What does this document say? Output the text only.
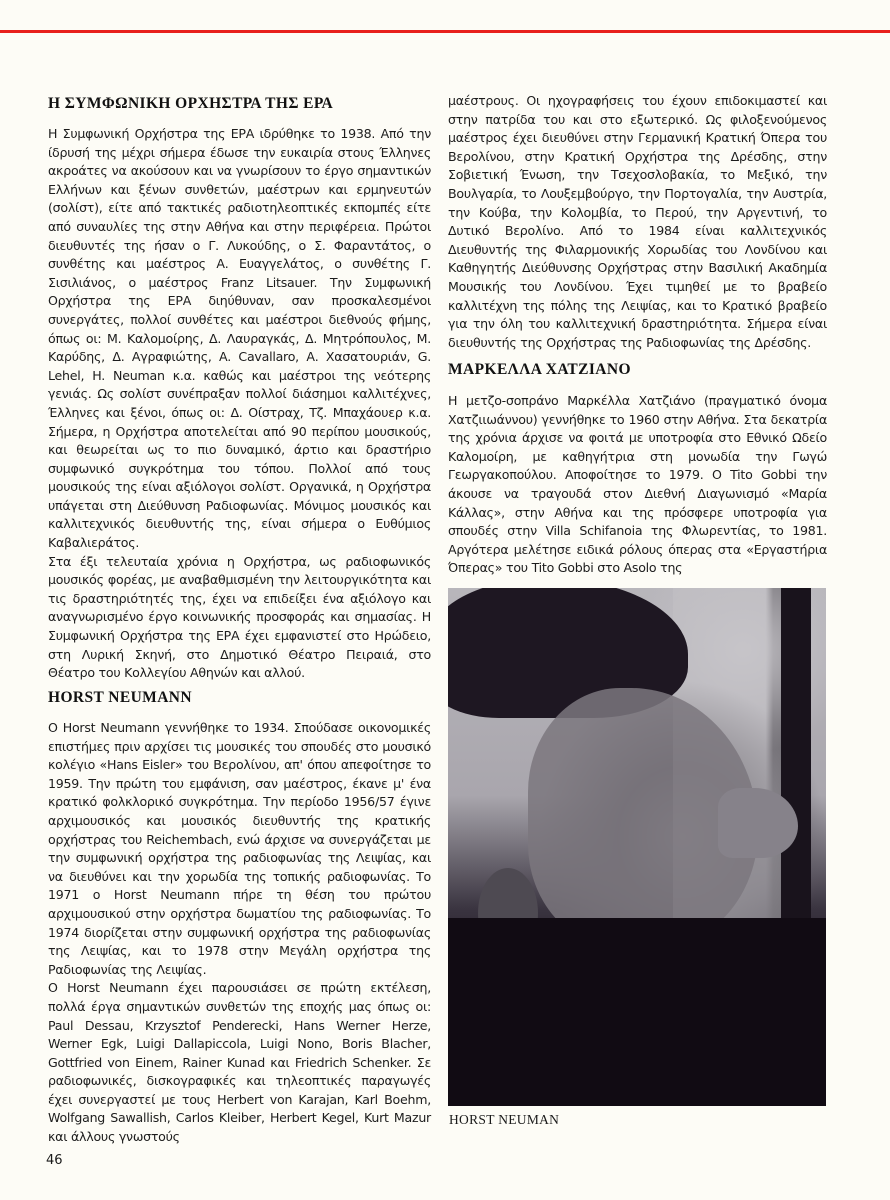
Η ΣΥΜΦΩΝΙΚΗ ΟΡΧΗΣΤΡΑ ΤΗΣ ΕΡΑ

Η Συμφωνική Ορχήστρα της ΕΡΑ ιδρύθηκε το 1938. Από την ίδρυσή της μέχρι σήμερα έδωσε την ευκαιρία στους Έλληνες ακροάτες να ακούσουν και να γνωρίσουν το έργο σημαντικών Ελλήνων και ξένων συνθετών, μαέστρων και ερμηνευτών (σολίστ), είτε από τακτικές ραδιοτηλεοπτικές εκπομπές είτε από συναυλίες της στην Αθήνα και στην περιφέρεια. Πρώτοι διευθυντές της ήσαν ο Γ. Λυκούδης, ο Σ. Φαραντάτος, ο συνθέτης και μαέστρος Α. Ευαγγελάτος, ο συνθέτης Γ. Σισιλιάνος, ο μαέστρος Franz Litsauer. Την Συμφωνική Ορχήστρα της ΕΡΑ διηύθυναν, σαν προσκαλεσμένοι συνεργάτες, πολλοί συνθέτες και μαέστροι διεθνούς φήμης, όπως οι: Μ. Καλομοίρης, Δ. Λαυραγκάς, Δ. Μητρόπουλος, Μ. Καρύδης, Δ. Αγραφιώτης, A. Cavallaro, Α. Χασατουριάν, G. Lehel, H. Neuman κ.α. καθώς και μαέστροι της νεότερης γενιάς. Ως σολίστ συνέπραξαν πολλοί διάσημοι καλλιτέχνες, Έλληνες και ξένοι, όπως οι: Δ. Οίστραχ, Τζ. Μπαχάουερ κ.α. Σήμερα, η Ορχήστρα αποτελείται από 90 περίπου μουσικούς, και θεωρείται ως το πιο δυναμικό, άρτιο και δραστήριο συμφωνικό συγκρότημα του τόπου. Πολλοί από τους μουσικούς της είναι αξιόλογοι σολίστ. Οργανικά, η Ορχήστρα υπάγεται στη Διεύθυνση Ραδιοφωνίας. Μόνιμος μουσικός και καλλιτεχνικός διευθυντής της, είναι σήμερα ο Ευθύμιος Καβαλιεράτος.

Στα έξι τελευταία χρόνια η Ορχήστρα, ως ραδιοφωνικός μουσικός φορέας, με αναβαθμισμένη την λειτουργικότητα και τις δραστηριότητές της, έχει να επιδείξει ένα αξιόλογο και αναγνωρισμένο έργο κοινωνικής προσφοράς και σημασίας. Η Συμφωνική Ορχήστρα της ΕΡΑ έχει εμφανιστεί στο Ηρώδειο, στη Λυρική Σκηνή, στο Δημοτικό Θέατρο Πειραιά, στο Θέατρο του Κολλεγίου Αθηνών και αλλού.

HORST NEUMANN

O Horst Neumann γεννήθηκε το 1934. Σπούδασε οικονομικές επιστήμες πριν αρχίσει τις μουσικές του σπουδές στο μουσικό κολέγιο «Hans Eisler» του Βερολίνου, απ' όπου απεφοίτησε το 1959. Την πρώτη του εμφάνιση, σαν μαέστρος, έκανε μ' ένα κρατικό φολκλορικό συγκρότημα. Την περίοδο 1956/57 έγινε αρχιμουσικός και μουσικός διευθυντής της κρατικής ορχήστρας του Reichembach, ενώ άρχισε να συνεργάζεται με την συμφωνική ορχήστρα της ραδιοφωνίας της Λειψίας, και να διευθύνει και την χορωδία της τοπικής ραδιοφωνίας. Το 1971 ο Horst Neumann πήρε τη θέση του πρώτου αρχιμουσικού στην ορχήστρα δωματίου της ραδιοφωνίας. Το 1974 διορίζεται στην συμφωνική ορχήστρα της ραδιοφωνίας της Λειψίας, και το 1978 στην Μεγάλη ορχήστρα της Ραδιοφωνίας της Λειψίας.

O Horst Neumann έχει παρουσιάσει σε πρώτη εκτέλεση, πολλά έργα σημαντικών συνθετών της εποχής μας όπως οι: Paul Dessau, Krzysztof Penderecki, Hans Werner Herze, Werner Egk, Luigi Dallapiccola, Luigi Nono, Boris Blacher, Gottfried von Einem, Rainer Kunad και Friedrich Schenker. Σε ραδιοφωνικές, δισκογραφικές και τηλεοπτικές παραγωγές έχει συνεργαστεί με τους Herbert von Karajan, Karl Boehm, Wolfgang Sawallish, Carlos Kleiber, Herbert Kegel, Kurt Mazur και άλλους γνωστούς

μαέστρους. Οι ηχογραφήσεις του έχουν επιδοκιμαστεί και στην πατρίδα του και στο εξωτερικό. Ως φιλοξενούμενος μαέστρος έχει διευθύνει στην Γερμανική Κρατική Όπερα του Βερολίνου, στην Κρατική Ορχήστρα της Δρέσδης, στην Σοβιετική Ένωση, την Τσεχοσλοβακία, το Μεξικό, την Βουλγαρία, το Λουξεμβούργο, την Πορτογαλία, την Αυστρία, την Κούβα, την Κολομβία, το Περού, την Αργεντινή, το Δυτικό Βερολίνο. Από το 1984 είναι καλλιτεχνικός Διευθυντής της Φιλαρμονικής Χορωδίας του Λονδίνου και Καθηγητής Διεύθυνσης Ορχήστρας στην Βασιλική Ακαδημία Μουσικής του Λονδίνου. Έχει τιμηθεί με το βραβείο καλλιτέχνη της πόλης της Λειψίας, και το Κρατικό βραβείο για την όλη του καλλιτεχνική δραστηριότητα. Σήμερα είναι διευθυντής της Ορχήστρας της Ραδιοφωνίας της Δρέσδης.

ΜΑΡΚΕΛΛΑ ΧΑΤΖΙΑΝΟ

Η μετζο-σοπράνο Μαρκέλλα Χατζιάνο (πραγματικό όνομα Χατζιιωάννου) γεννήθηκε το 1960 στην Αθήνα. Στα δεκατρία της χρόνια άρχισε να φοιτά με υποτροφία στο Εθνικό Ωδείο Καλομοίρη, με καθηγήτρια στη μονωδία την Γωγώ Γεωργακοπούλου. Αποφοίτησε το 1979. Ο Tito Gobbi την άκουσε να τραγουδά στον Διεθνή Διαγωνισμό «Μαρία Κάλλας», στην Αθήνα και της πρόσφερε υποτροφία για σπουδές στην Villa Schifanoia της Φλωρεντίας, το 1981. Αργότερα μελέτησε ειδικά ρόλους όπερας στα «Εργαστήρια Όπερας» του Tito Gobbi στο Asolo της

HORST NEUMAN
46
